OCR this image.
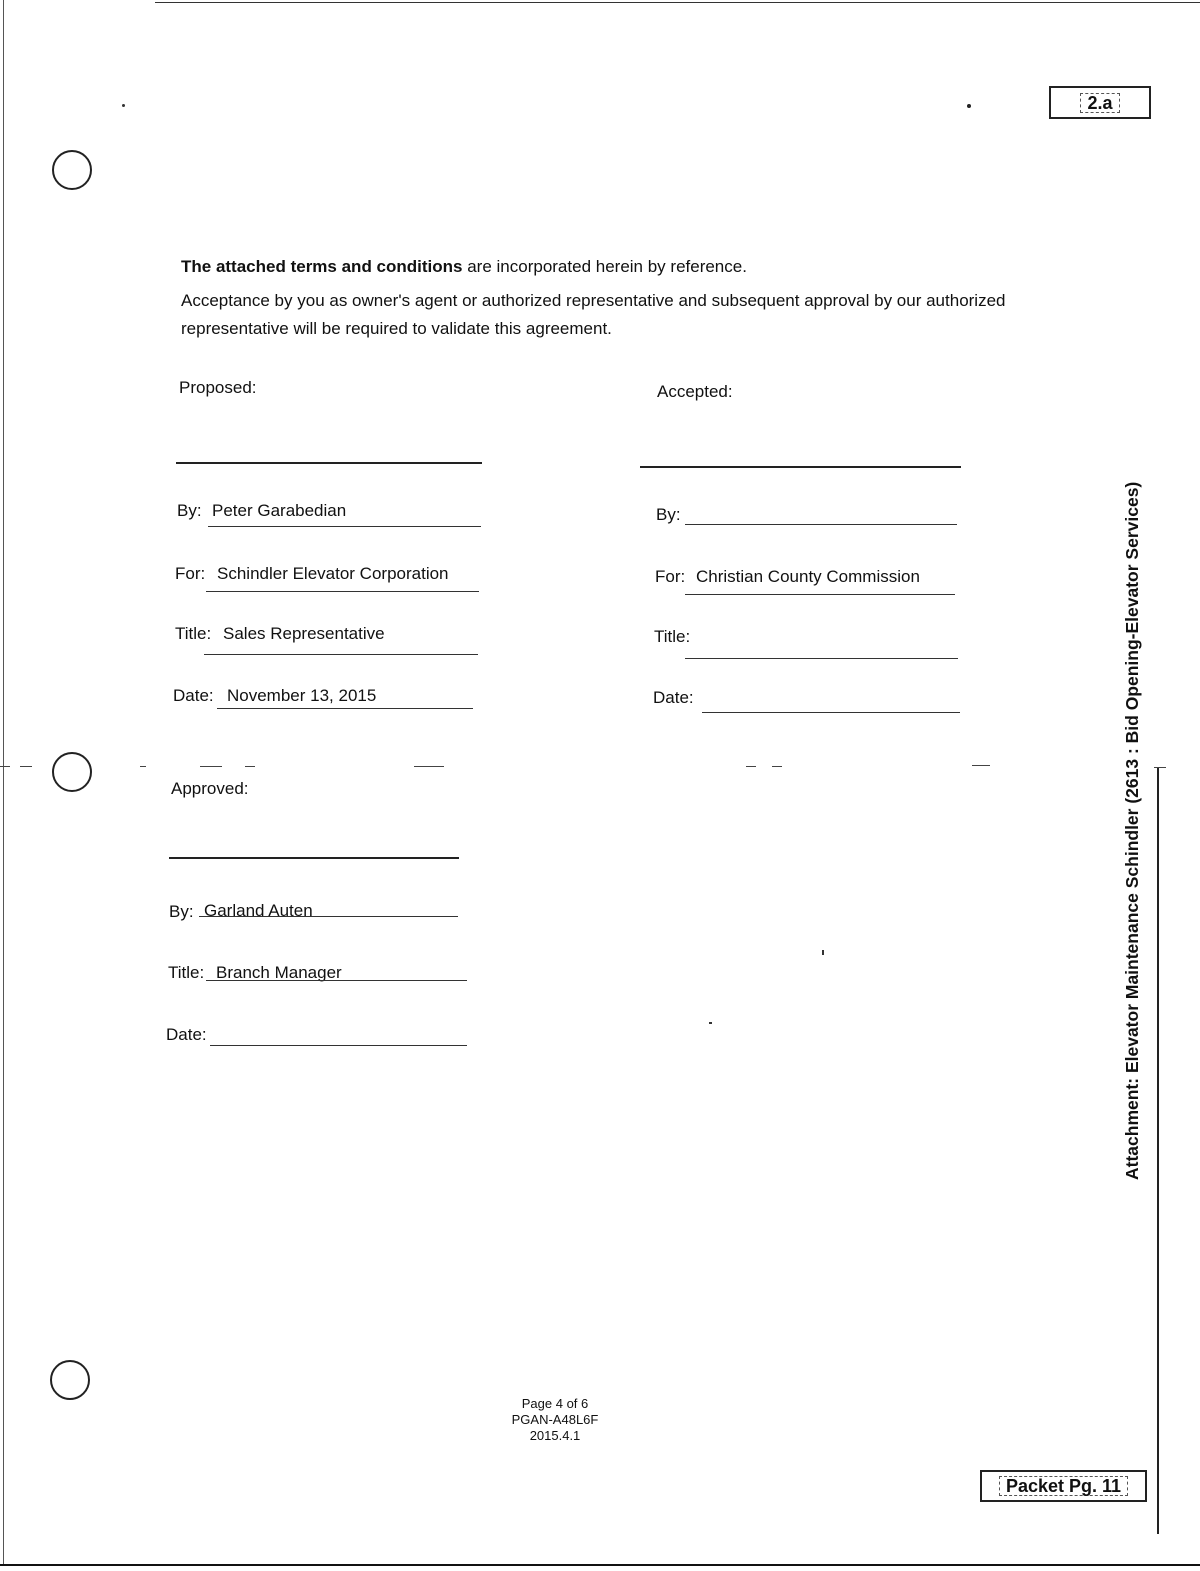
2.a
The attached terms and conditions are incorporated herein by reference.
Acceptance by you as owner's agent or authorized representative and subsequent approval by our authorized
representative will be required to validate this agreement.
Proposed:
By: Peter Garabedian
For: Schindler Elevator Corporation
Title: Sales Representative
Date: November 13, 2015
Accepted:
By:
For: Christian County Commission
Title:
Date:
Approved:
By: Garland Auten
Title: Branch Manager
Date:
Page 4 of 6
PGAN-A48L6F
2015.4.1
Attachment: Elevator Maintenance Schindler (2613 : Bid Opening-Elevator Services)
Packet Pg. 11
